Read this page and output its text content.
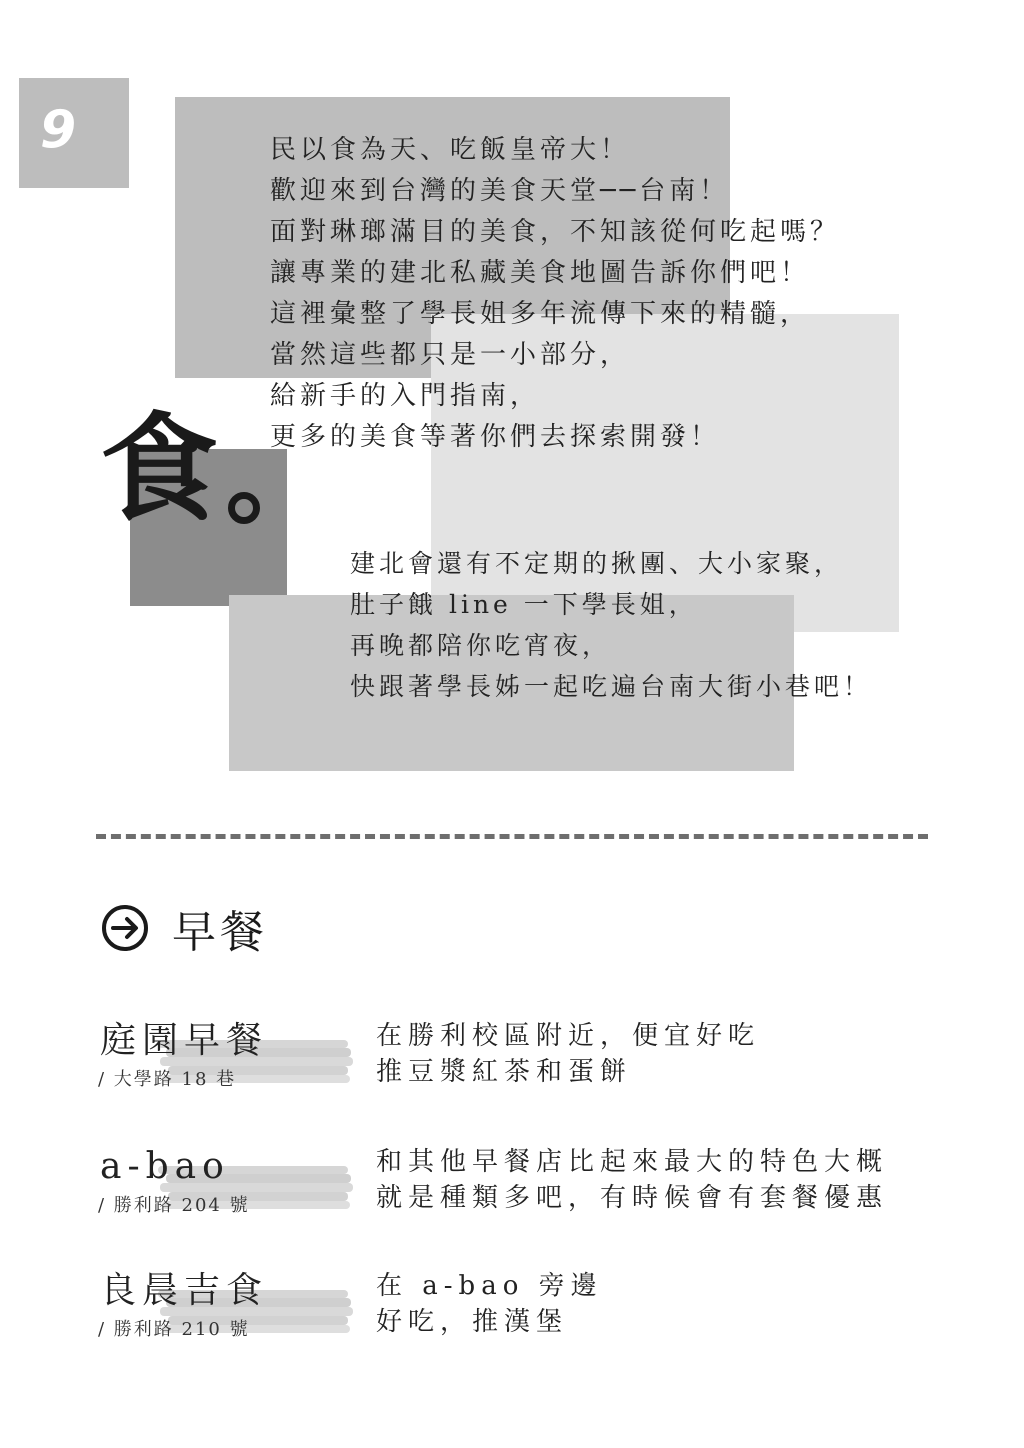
9
食
民以食為天、吃飯皇帝大！
歡迎來到台灣的美食天堂──台南！
面對琳瑯滿目的美食，不知該從何吃起嗎？
讓專業的建北私藏美食地圖告訴你們吧！
這裡彙整了學長姐多年流傳下來的精髓，
當然這些都只是一小部分，
給新手的入門指南，
更多的美食等著你們去探索開發！
建北會還有不定期的揪團、大小家聚，
肚子餓 line 一下學長姐，
再晚都陪你吃宵夜，
快跟著學長姊一起吃遍台南大街小巷吧！
早餐
庭園早餐
/ 大學路 18 巷
在勝利校區附近，便宜好吃
推豆漿紅茶和蛋餅
a-bao
/ 勝利路 204 號
和其他早餐店比起來最大的特色大概
就是種類多吧，有時候會有套餐優惠
良晨吉食
/ 勝利路 210 號
在 a-bao 旁邊
好吃，推漢堡
